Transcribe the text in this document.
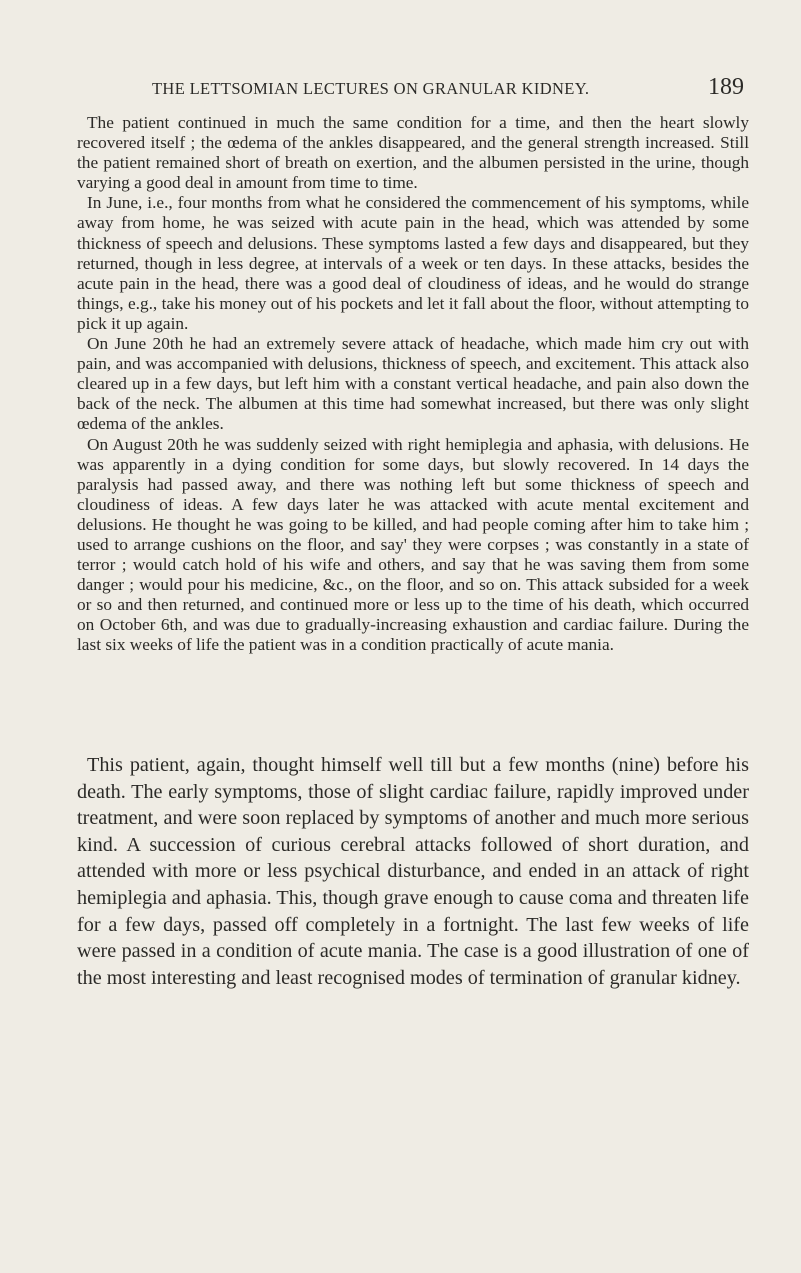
THE LETTSOMIAN LECTURES ON GRANULAR KIDNEY.	189

The patient continued in much the same condition for a time, and then the heart slowly recovered itself ; the œdema of the ankles disappeared, and the general strength increased. Still the patient remained short of breath on exertion, and the albumen persisted in the urine, though varying a good deal in amount from time to time.

In June, i.e., four months from what he considered the commencement of his symptoms, while away from home, he was seized with acute pain in the head, which was attended by some thickness of speech and delusions. These symptoms lasted a few days and disappeared, but they returned, though in less degree, at intervals of a week or ten days. In these attacks, besides the acute pain in the head, there was a good deal of cloudiness of ideas, and he would do strange things, e.g., take his money out of his pockets and let it fall about the floor, without attempting to pick it up again.

On June 20th he had an extremely severe attack of headache, which made him cry out with pain, and was accompanied with delusions, thickness of speech, and excitement. This attack also cleared up in a few days, but left him with a constant vertical headache, and pain also down the back of the neck. The albumen at this time had somewhat increased, but there was only slight œdema of the ankles.

On August 20th he was suddenly seized with right hemiplegia and aphasia, with delusions. He was apparently in a dying condition for some days, but slowly recovered. In 14 days the paralysis had passed away, and there was nothing left but some thickness of speech and cloudiness of ideas. A few days later he was attacked with acute mental excitement and delusions. He thought he was going to be killed, and had people coming after him to take him ; used to arrange cushions on the floor, and say' they were corpses ; was constantly in a state of terror ; would catch hold of his wife and others, and say that he was saving them from some danger ; would pour his medicine, &c., on the floor, and so on. This attack subsided for a week or so and then returned, and continued more or less up to the time of his death, which occurred on October 6th, and was due to gradually-increasing exhaustion and cardiac failure. During the last six weeks of life the patient was in a condition practically of acute mania.

This patient, again, thought himself well till but a few months (nine) before his death. The early symptoms, those of slight cardiac failure, rapidly improved under treatment, and were soon replaced by symptoms of another and much more serious kind. A succession of curious cerebral attacks followed of short duration, and attended with more or less psychical disturbance, and ended in an attack of right hemiplegia and aphasia. This, though grave enough to cause coma and threaten life for a few days, passed off completely in a fortnight. The last few weeks of life were passed in a condition of acute mania. The case is a good illustration of one of the most interesting and least recognised modes of termination of granular kidney.
